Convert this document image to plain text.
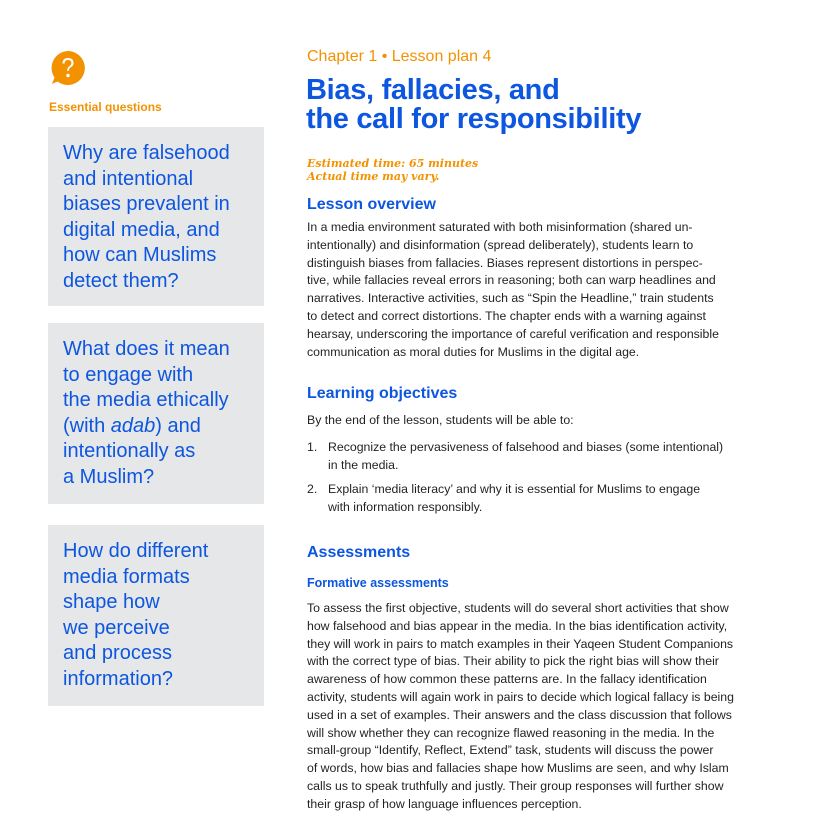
Essential questions
Why are falsehood
and intentional
biases prevalent in
digital media, and
how can Muslims
detect them?
What does it mean
to engage with
the media ethically
(with adab) and
intentionally as
a Muslim?
How do different
media formats
shape how
we perceive
and process
information?
Chapter 1 • Lesson plan 4
Bias, fallacies, and
the call for responsibility
Estimated time: 65 minutes
Actual time may vary.
Lesson overview
In a media environment saturated with both misinformation (shared un-
intentionally) and disinformation (spread deliberately), students learn to
distinguish biases from fallacies. Biases represent distortions in perspec-
tive, while fallacies reveal errors in reasoning; both can warp headlines and
narratives. Interactive activities, such as “Spin the Headline,” train students
to detect and correct distortions. The chapter ends with a warning against
hearsay, underscoring the importance of careful verification and responsible
communication as moral duties for Muslims in the digital age.
Learning objectives
By the end of the lesson, students will be able to:
1. Recognize the pervasiveness of falsehood and biases (some intentional)
in the media.
2. Explain ‘media literacy’ and why it is essential for Muslims to engage
with information responsibly.
Assessments
Formative assessments
To assess the first objective, students will do several short activities that show
how falsehood and bias appear in the media. In the bias identification activity,
they will work in pairs to match examples in their Yaqeen Student Companions
with the correct type of bias. Their ability to pick the right bias will show their
awareness of how common these patterns are. In the fallacy identification
activity, students will again work in pairs to decide which logical fallacy is being
used in a set of examples. Their answers and the class discussion that follows
will show whether they can recognize flawed reasoning in the media. In the
small-group “Identify, Reflect, Extend” task, students will discuss the power
of words, how bias and fallacies shape how Muslims are seen, and why Islam
calls us to speak truthfully and justly. Their group responses will further show
their grasp of how language influences perception.
